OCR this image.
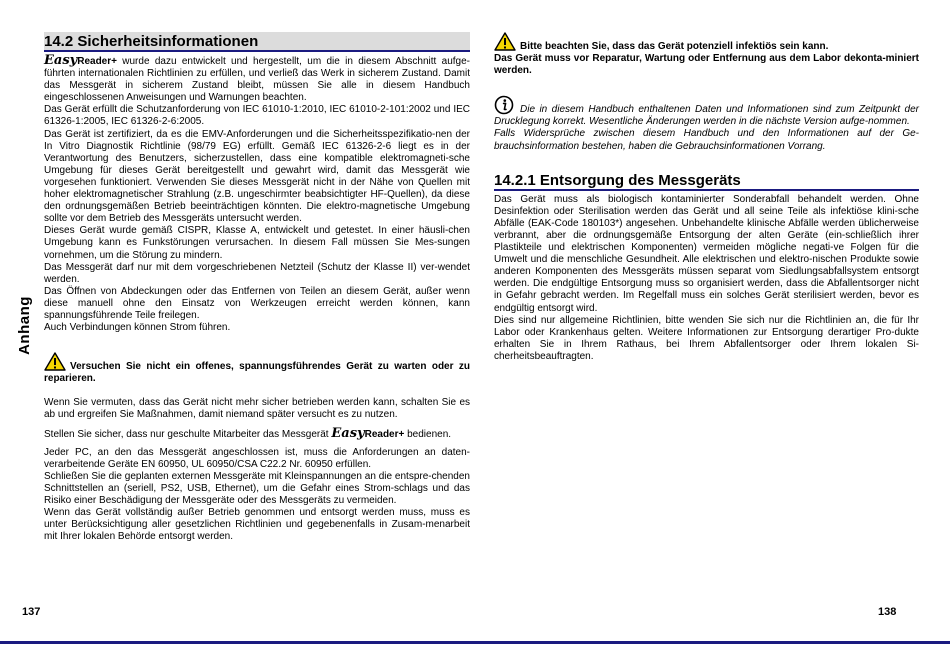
Anhang
14.2 Sicherheitsinformationen

EasyReader+ wurde dazu entwickelt und hergestellt, um die in diesem Abschnitt aufge-führten internationalen Richtlinien zu erfüllen, und verließ das Werk in sicherem Zustand. Damit das Messgerät in sicherem Zustand bleibt, müssen Sie alle in diesem Handbuch eingeschlossenen Anweisungen und Warnungen beachten.

Das Gerät erfüllt die Schutzanforderung von IEC 61010-1:2010, IEC 61010-2-101:2002 und IEC 61326-1:2005, IEC 61326-2-6:2005.

Das Gerät ist zertifiziert, da es die EMV-Anforderungen und die Sicherheitsspezifikatio-nen der In Vitro Diagnostik Richtlinie (98/79 EG) erfüllt. Gemäß IEC 61326-2-6 liegt es in der Verantwortung des Benutzers, sicherzustellen, dass eine kompatible elektromagneti-sche Umgebung für dieses Gerät bereitgestellt und gewahrt wird, damit das Messgerät wie vorgesehen funktioniert. Verwenden Sie dieses Messgerät nicht in der Nähe von Quellen mit hoher elektromagnetischer Strahlung (z.B. ungeschirmter beabsichtigter HF-Quellen), da diese den ordnungsgemäßen Betrieb beeinträchtigen könnten. Die elektro-magnetische Umgebung sollte vor dem Betrieb des Messgeräts untersucht werden.

Dieses Gerät wurde gemäß CISPR, Klasse A, entwickelt und getestet. In einer häusli-chen Umgebung kann es Funkstörungen verursachen. In diesem Fall müssen Sie Mes-sungen vornehmen, um die Störung zu mindern.

Das Messgerät darf nur mit dem vorgeschriebenen Netzteil (Schutz der Klasse II) ver-wendet werden.

Das Öffnen von Abdeckungen oder das Entfernen von Teilen an diesem Gerät, außer wenn diese manuell ohne den Einsatz von Werkzeugen erreicht werden können, kann spannungsführende Teile freilegen.

Auch Verbindungen können Strom führen.

Versuchen Sie nicht ein offenes, spannungsführendes Gerät zu warten oder zu reparieren.

Wenn Sie vermuten, dass das Gerät nicht mehr sicher betrieben werden kann, schalten Sie es ab und ergreifen Sie Maßnahmen, damit niemand später versucht es zu nutzen.

Stellen Sie sicher, dass nur geschulte Mitarbeiter das Messgerät EasyReader+ bedienen.

Jeder PC, an den das Messgerät angeschlossen ist, muss die Anforderungen an daten-verarbeitende Geräte EN 60950, UL 60950/CSA C22.2 Nr. 60950 erfüllen.

Schließen Sie die geplanten externen Messgeräte mit Kleinspannungen an die entspre-chenden Schnittstellen an (seriell, PS2, USB, Ethernet), um die Gefahr eines Strom-schlags und das Risiko einer Beschädigung der Messgeräte oder des Messgeräts zu vermeiden.

Wenn das Gerät vollständig außer Betrieb genommen und entsorgt werden muss, muss es unter Berücksichtigung aller gesetzlichen Richtlinien und gegebenenfalls in Zusam-menarbeit mit Ihrer lokalen Behörde entsorgt werden.

Bitte beachten Sie, dass das Gerät potenziell infektiös sein kann.

Das Gerät muss vor Reparatur, Wartung oder Entfernung aus dem Labor dekonta-miniert werden.

Die in diesem Handbuch enthaltenen Daten und Informationen sind zum Zeitpunkt der Drucklegung korrekt. Wesentliche Änderungen werden in die nächste Version aufge-nommen.

Falls Widersprüche zwischen diesem Handbuch und den Informationen auf der Ge-brauchsinformation bestehen, haben die Gebrauchsinformationen Vorrang.

14.2.1 Entsorgung des Messgeräts

Das Gerät muss als biologisch kontaminierter Sonderabfall behandelt werden. Ohne Desinfektion oder Sterilisation werden das Gerät und all seine Teile als infektiöse klini-sche Abfälle (EAK-Code 180103*) angesehen. Unbehandelte klinische Abfälle werden üblicherweise verbrannt, aber die ordnungsgemäße Entsorgung der alten Geräte (ein-schließlich ihrer Plastikteile und elektrischen Komponenten) vermeiden mögliche negati-ve Folgen für die Umwelt und die menschliche Gesundheit. Alle elektrischen und elektro-nischen Produkte sowie anderen Komponenten des Messgeräts müssen separat vom Siedlungsabfallsystem entsorgt werden. Die endgültige Entsorgung muss so organisiert werden, dass die Abfallentsorger nicht in Gefahr gebracht werden. Im Regelfall muss ein solches Gerät sterilisiert werden, bevor es endgültig entsorgt wird.

Dies sind nur allgemeine Richtlinien, bitte wenden Sie sich nur die Richtlinien an, die für Ihr Labor oder Krankenhaus gelten. Weitere Informationen zur Entsorgung derartiger Pro-dukte erhalten Sie in Ihrem Rathaus, bei Ihrem Abfallentsorger oder Ihrem lokalen Si-cherheitsbeauftragten.

137	138
